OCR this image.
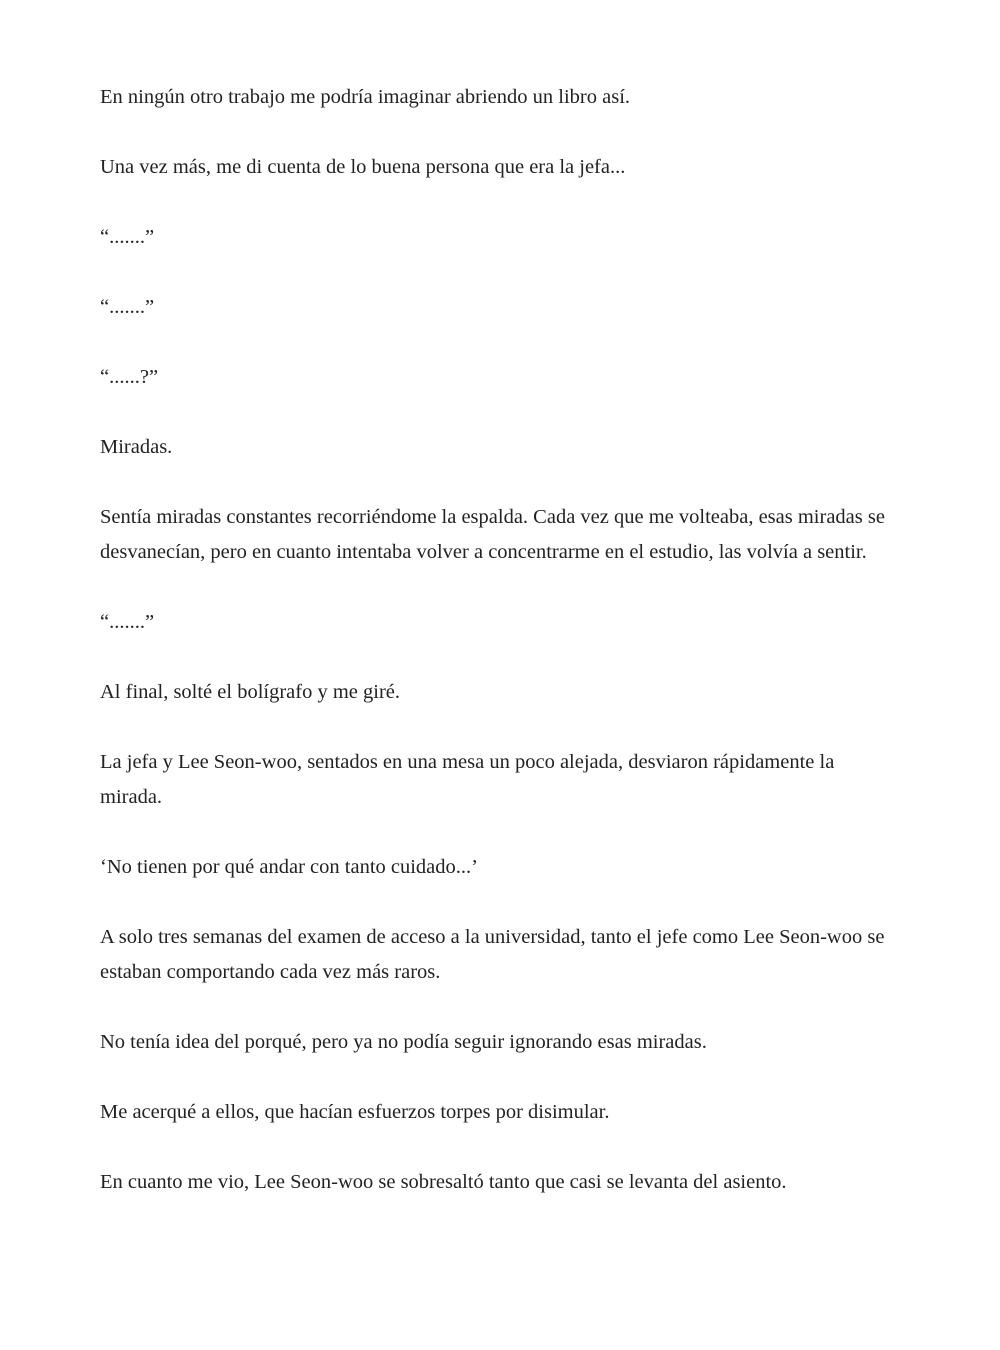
En ningún otro trabajo me podría imaginar abriendo un libro así.

Una vez más, me di cuenta de lo buena persona que era la jefa...

“.......”

“.......”

“......?”

Miradas.

Sentía miradas constantes recorriéndome la espalda. Cada vez que me volteaba, esas miradas se desvanecían, pero en cuanto intentaba volver a concentrarme en el estudio, las volvía a sentir.

“.......”

Al final, solté el bolígrafo y me giré.

La jefa y Lee Seon-woo, sentados en una mesa un poco alejada, desviaron rápidamente la mirada.

‘No tienen por qué andar con tanto cuidado...’

A solo tres semanas del examen de acceso a la universidad, tanto el jefe como Lee Seon-woo se estaban comportando cada vez más raros.

No tenía idea del porqué, pero ya no podía seguir ignorando esas miradas.

Me acerqué a ellos, que hacían esfuerzos torpes por disimular.

En cuanto me vio, Lee Seon-woo se sobresaltó tanto que casi se levanta del asiento.
